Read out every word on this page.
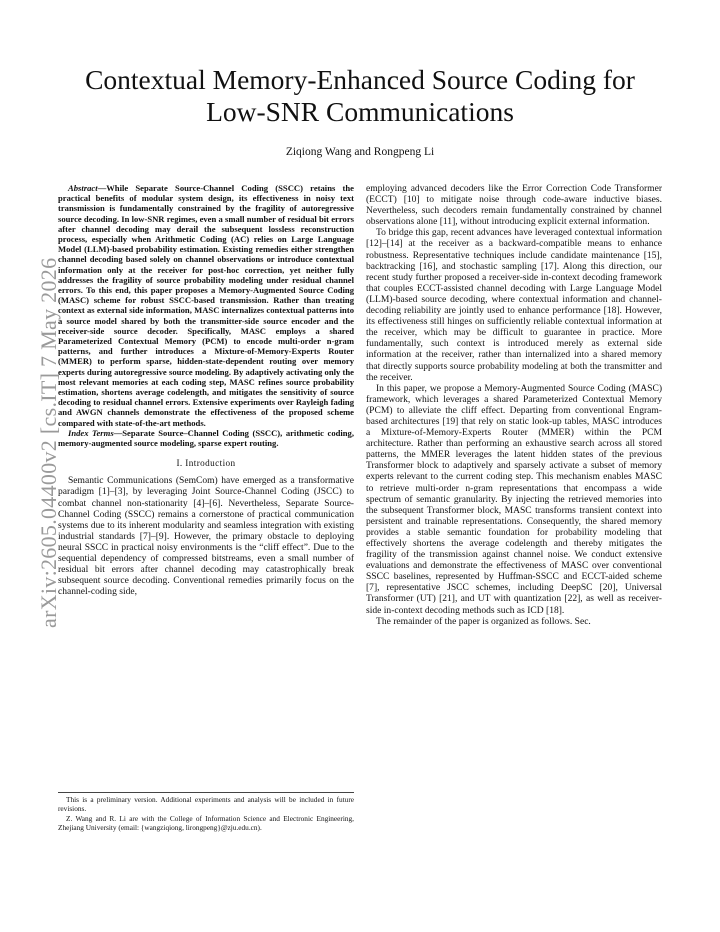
arXiv:2605.04400v2 [cs.IT] 7 May 2026
Contextual Memory-Enhanced Source Coding for
Low-SNR Communications
Ziqiong Wang and Rongpeng Li

Abstract—While Separate Source-Channel Coding (SSCC) retains the practical benefits of modular system design, its effectiveness in noisy text transmission is fundamentally constrained by the fragility of autoregressive source decoding. In low-SNR regimes, even a small number of residual bit errors after channel decoding may derail the subsequent lossless reconstruction process, especially when Arithmetic Coding (AC) relies on Large Language Model (LLM)-based probability estimation. Existing remedies either strengthen channel decoding based solely on channel observations or introduce contextual information only at the receiver for post-hoc correction, yet neither fully addresses the fragility of source probability modeling under residual channel errors. To this end, this paper proposes a Memory-Augmented Source Coding (MASC) scheme for robust SSCC-based transmission. Rather than treating context as external side information, MASC internalizes contextual patterns into a source model shared by both the transmitter-side source encoder and the receiver-side source decoder. Specifically, MASC employs a shared Parameterized Contextual Memory (PCM) to encode multi-order n-gram patterns, and further introduces a Mixture-of-Memory-Experts Router (MMER) to perform sparse, hidden-state-dependent routing over memory experts during autoregressive source modeling. By adaptively activating only the most relevant memories at each coding step, MASC refines source probability estimation, shortens average codelength, and mitigates the sensitivity of source decoding to residual channel errors. Extensive experiments over Rayleigh fading and AWGN channels demonstrate the effectiveness of the proposed scheme compared with state-of-the-art methods.

Index Terms—Separate Source–Channel Coding (SSCC), arithmetic coding, memory-augmented source modeling, sparse expert routing.

I. Introduction

Semantic Communications (SemCom) have emerged as a transformative paradigm [1]–[3], by leveraging Joint Source-Channel Coding (JSCC) to combat channel non-stationarity [4]–[6]. Nevertheless, Separate Source-Channel Coding (SSCC) remains a cornerstone of practical communication systems due to its inherent modularity and seamless integration with existing industrial standards [7]–[9]. However, the primary obstacle to deploying neural SSCC in practical noisy environments is the “cliff effect”. Due to the sequential dependency of compressed bitstreams, even a small number of residual bit errors after channel decoding may catastrophically break subsequent source decoding. Conventional remedies primarily focus on the channel-coding side,

This is a preliminary version. Additional experiments and analysis will be included in future revisions.

Z. Wang and R. Li are with the College of Information Science and Electronic Engineering, Zhejiang University (email: {wangziqiong, lirongpeng}@zju.edu.cn).

employing advanced decoders like the Error Correction Code Transformer (ECCT) [10] to mitigate noise through code-aware inductive biases. Nevertheless, such decoders remain fundamentally constrained by channel observations alone [11], without introducing explicit external information.

To bridge this gap, recent advances have leveraged contextual information [12]–[14] at the receiver as a backward-compatible means to enhance robustness. Representative techniques include candidate maintenance [15], backtracking [16], and stochastic sampling [17]. Along this direction, our recent study further proposed a receiver-side in-context decoding framework that couples ECCT-assisted channel decoding with Large Language Model (LLM)-based source decoding, where contextual information and channel-decoding reliability are jointly used to enhance performance [18]. However, its effectiveness still hinges on sufficiently reliable contextual information at the receiver, which may be difficult to guarantee in practice. More fundamentally, such context is introduced merely as external side information at the receiver, rather than internalized into a shared memory that directly supports source probability modeling at both the transmitter and the receiver.

In this paper, we propose a Memory-Augmented Source Coding (MASC) framework, which leverages a shared Parameterized Contextual Memory (PCM) to alleviate the cliff effect. Departing from conventional Engram-based architectures [19] that rely on static look-up tables, MASC introduces a Mixture-of-Memory-Experts Router (MMER) within the PCM architecture. Rather than performing an exhaustive search across all stored patterns, the MMER leverages the latent hidden states of the previous Transformer block to adaptively and sparsely activate a subset of memory experts relevant to the current coding step. This mechanism enables MASC to retrieve multi-order n-gram representations that encompass a wide spectrum of semantic granularity. By injecting the retrieved memories into the subsequent Transformer block, MASC transforms transient context into persistent and trainable representations. Consequently, the shared memory provides a stable semantic foundation for probability modeling that effectively shortens the average codelength and thereby mitigates the fragility of the transmission against channel noise. We conduct extensive evaluations and demonstrate the effectiveness of MASC over conventional SSCC baselines, represented by Huffman-SSCC and ECCT-aided scheme [7], representative JSCC schemes, including DeepSC [20], Universal Transformer (UT) [21], and UT with quantization [22], as well as receiver-side in-context decoding methods such as ICD [18].

The remainder of the paper is organized as follows. Sec.
